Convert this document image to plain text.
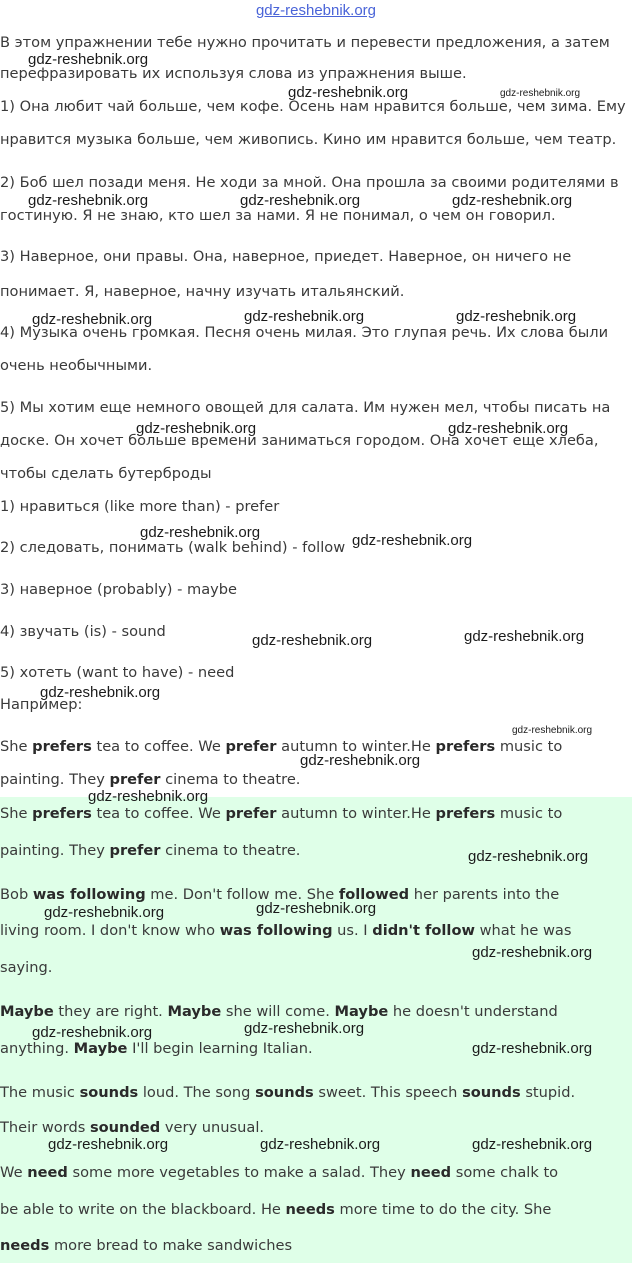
gdz-reshebnik.org
В этом упражнении тебе нужно прочитать и перевести предложения, а затем
перефразировать их используя слова из упражнения выше.
1) Она любит чай больше, чем кофе. Осень нам нравится больше, чем зима. Ему
нравится музыка больше, чем живопись. Кино им нравится больше, чем театр.
2) Боб шел позади меня. Не ходи за мной. Она прошла за своими родителями в
гостиную. Я не знаю, кто шел за нами. Я не понимал, о чем он говорил.
3) Наверное, они правы. Она, наверное, приедет. Наверное, он ничего не
понимает. Я, наверное, начну изучать итальянский.
4) Музыка очень громкая. Песня очень милая. Это глупая речь. Их слова были
очень необычными.
5) Мы хотим еще немного овощей для салата. Им нужен мел, чтобы писать на
доске. Он хочет больше времени заниматься городом. Она хочет еще хлеба,
чтобы сделать бутерброды
1) нравиться (like more than) - prefer
2) следовать, понимать (walk behind) - follow
3) наверное (probably) - maybe
4) звучать (is) - sound
5) хотеть (want to have) - need
Например:
She prefers tea to coffee. We prefer autumn to winter.He prefers music to
painting. They prefer cinema to theatre.
She prefers tea to coffee. We prefer autumn to winter.He prefers music to
painting. They prefer cinema to theatre.
Bob was following me. Don't follow me. She followed her parents into the
living room. I don't know who was following us. I didn't follow what he was
saying.
Maybe they are right. Maybe she will come. Maybe he doesn't understand
anything. Maybe I'll begin learning Italian.
The music sounds loud. The song sounds sweet. This speech sounds stupid.
Their words sounded very unusual.
We need some more vegetables to make a salad. They need some chalk to
be able to write on the blackboard. He needs more time to do the city. She
needs more bread to make sandwiches
gdz-reshebnik.org
gdz-reshebnik.org	gdz-reshebnik.org
gdz-reshebnik.org	gdz-reshebnik.org	gdz-reshebnik.org
gdz-reshebnik.org	gdz-reshebnik.org	gdz-reshebnik.org
gdz-reshebnik.org	gdz-reshebnik.org
gdz-reshebnik.org	gdz-reshebnik.org
gdz-reshebnik.org	gdz-reshebnik.org
gdz-reshebnik.org
gdz-reshebnik.org
gdz-reshebnik.org
gdz-reshebnik.org
gdz-reshebnik.org
gdz-reshebnik.org	gdz-reshebnik.org
gdz-reshebnik.org
gdz-reshebnik.org	gdz-reshebnik.org
gdz-reshebnik.org
gdz-reshebnik.org	gdz-reshebnik.org	gdz-reshebnik.org
